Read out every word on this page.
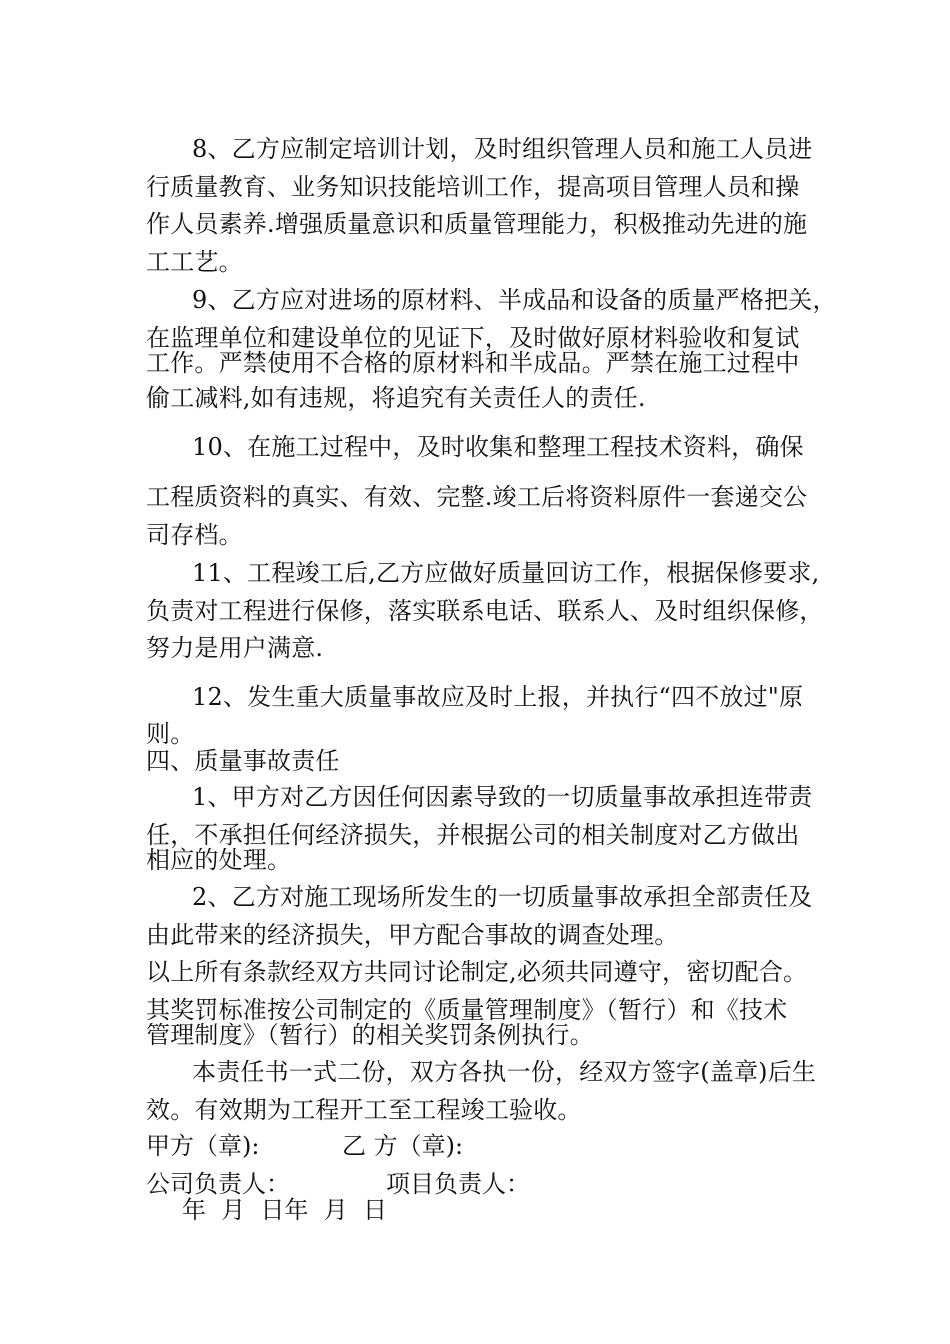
8、乙方应制定培训计划，及时组织管理人员和施工人员进
行质量教育、业务知识技能培训工作，提高项目管理人员和操
作人员素养.增强质量意识和质量管理能力，积极推动先进的施
工工艺。
9、乙方应对进场的原材料、半成品和设备的质量严格把关，
在监理单位和建设单位的见证下，及时做好原材料验收和复试
工作。严禁使用不合格的原材料和半成品。严禁在施工过程中
偷工减料,如有违规，将追究有关责任人的责任.
10、在施工过程中，及时收集和整理工程技术资料，确保
工程质资料的真实、有效、完整.竣工后将资料原件一套递交公
司存档。
11、工程竣工后,乙方应做好质量回访工作，根据保修要求,
负责对工程进行保修，落实联系电话、联系人、及时组织保修，
努力是用户满意.
12、发生重大质量事故应及时上报，并执行“四不放过"原
则。
四、质量事故责任
1、甲方对乙方因任何因素导致的一切质量事故承担连带责
任，不承担任何经济损失，并根据公司的相关制度对乙方做出
相应的处理。
2、乙方对施工现场所发生的一切质量事故承担全部责任及
由此带来的经济损失，甲方配合事故的调查处理。
以上所有条款经双方共同讨论制定,必须共同遵守，密切配合。
其奖罚标准按公司制定的《质量管理制度》（暂行）和《技术
管理制度》（暂行）的相关奖罚条例执行。
本责任书一式二份，双方各执一份，经双方签字(盖章)后生
效。有效期为工程开工至工程竣工验收。
甲方（章):	乙 方（章):
公司负责人：	项目负责人：
年  月  日年  月  日
